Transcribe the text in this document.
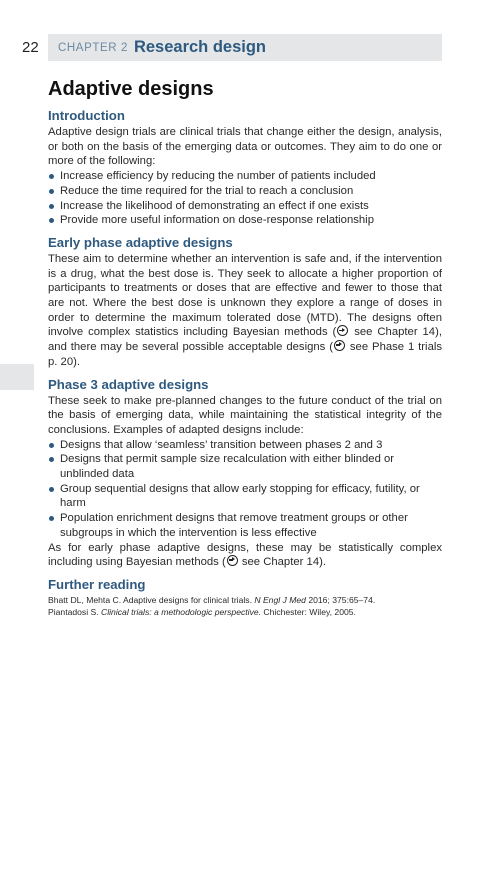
22 CHAPTER 2 Research design
Adaptive designs
Introduction

Adaptive design trials are clinical trials that change either the design, analysis, or both on the basis of the emerging data or outcomes. They aim to do one or more of the following:

Increase efficiency by reducing the number of patients included
Reduce the time required for the trial to reach a conclusion
Increase the likelihood of demonstrating an effect if one exists
Provide more useful information on dose-response relationship
Early phase adaptive designs

These aim to determine whether an intervention is safe and, if the intervention is a drug, what the best dose is. They seek to allocate a higher proportion of participants to treatments or doses that are effective and fewer to those that are not. Where the best dose is unknown they explore a range of doses in order to determine the maximum tolerated dose (MTD). The designs often involve complex statistics including Bayesian methods ( see Chapter 14), and there may be several possible acceptable designs ( see Phase 1 trials p. 20).

Phase 3 adaptive designs

These seek to make pre-planned changes to the future conduct of the trial on the basis of emerging data, while maintaining the statistical integrity of the conclusions. Examples of adapted designs include:

Designs that allow ‘seamless’ transition between phases 2 and 3
Designs that permit sample size recalculation with either blinded or unblinded data
Group sequential designs that allow early stopping for efficacy, futility, or harm
Population enrichment designs that remove treatment groups or other subgroups in which the intervention is less effective

As for early phase adaptive designs, these may be statistically complex including using Bayesian methods ( see Chapter 14).

Further reading
Bhatt DL, Mehta C. Adaptive designs for clinical trials. N Engl J Med 2016; 375:65–74.
Piantadosi S. Clinical trials: a methodologic perspective. Chichester: Wiley, 2005.
